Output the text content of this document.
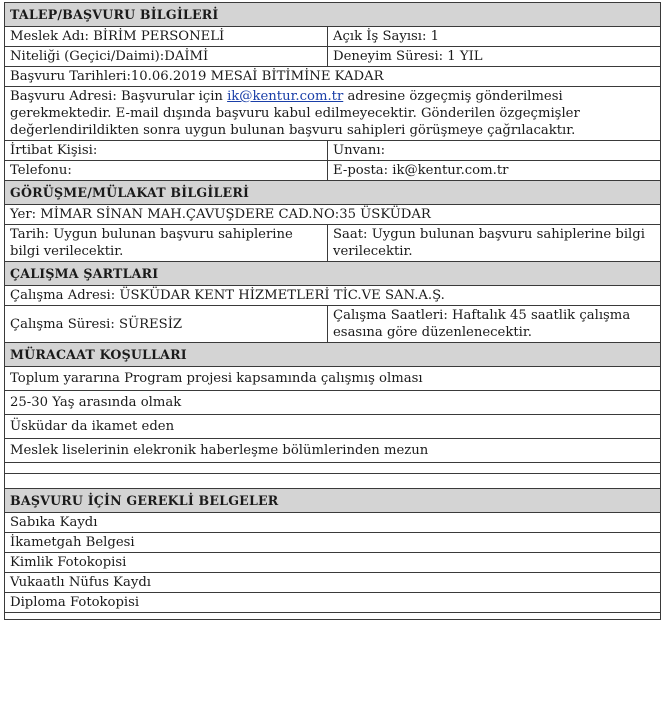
TALEP/BAŞVURU BİLGİLERİ	
Meslek Adı: BİRİM PERSONELİ	Açık İş Sayısı: 1
Niteliği (Geçici/Daimi):DAİMİ	Deneyim Süresi: 1 YIL
Başvuru Tarihleri:10.06.2019 MESAİ BİTİMİNE KADAR	
Başvuru Adresi: Başvurular için ik@kentur.com.tr adresine özgeçmiş gönderilmesi gerekmektedir. E-mail dışında başvuru kabul edilmeyecektir. Gönderilen özgeçmişler değerlendirildikten sonra uygun bulunan başvuru sahipleri görüşmeye çağrılacaktır.	
İrtibat Kişisi:	Unvanı:
Telefonu:	E-posta: ik@kentur.com.tr
GÖRÜŞME/MÜLAKAT BİLGİLERİ	
Yer: MİMAR SİNAN MAH.ÇAVUŞDERE CAD.NO:35 ÜSKÜDAR	
Tarih: Uygun bulunan başvuru sahiplerine bilgi verilecektir.	Saat: Uygun bulunan başvuru sahiplerine bilgi verilecektir.
ÇALIŞMA ŞARTLARI	
Çalışma Adresi: ÜSKÜDAR KENT HİZMETLERİ TİC.VE SAN.A.Ş.	
Çalışma Süresi: SÜRESİZ	Çalışma Saatleri: Haftalık 45 saatlik çalışma esasına göre düzenlenecektir.
MÜRACAAT KOŞULLARI	
Toplum yararına Program projesi kapsamında çalışmış olması	
25-30 Yaş arasında olmak	
Üsküdar da ikamet eden	
Meslek liselerinin elekronik haberleşme bölümlerinden mezun	

BAŞVURU İÇİN GEREKLİ BELGELER	
Sabıka Kaydı	
İkametgah Belgesi	
Kimlik Fotokopisi	
Vukaatlı Nüfus Kaydı	
Diploma Fotokopisi	
